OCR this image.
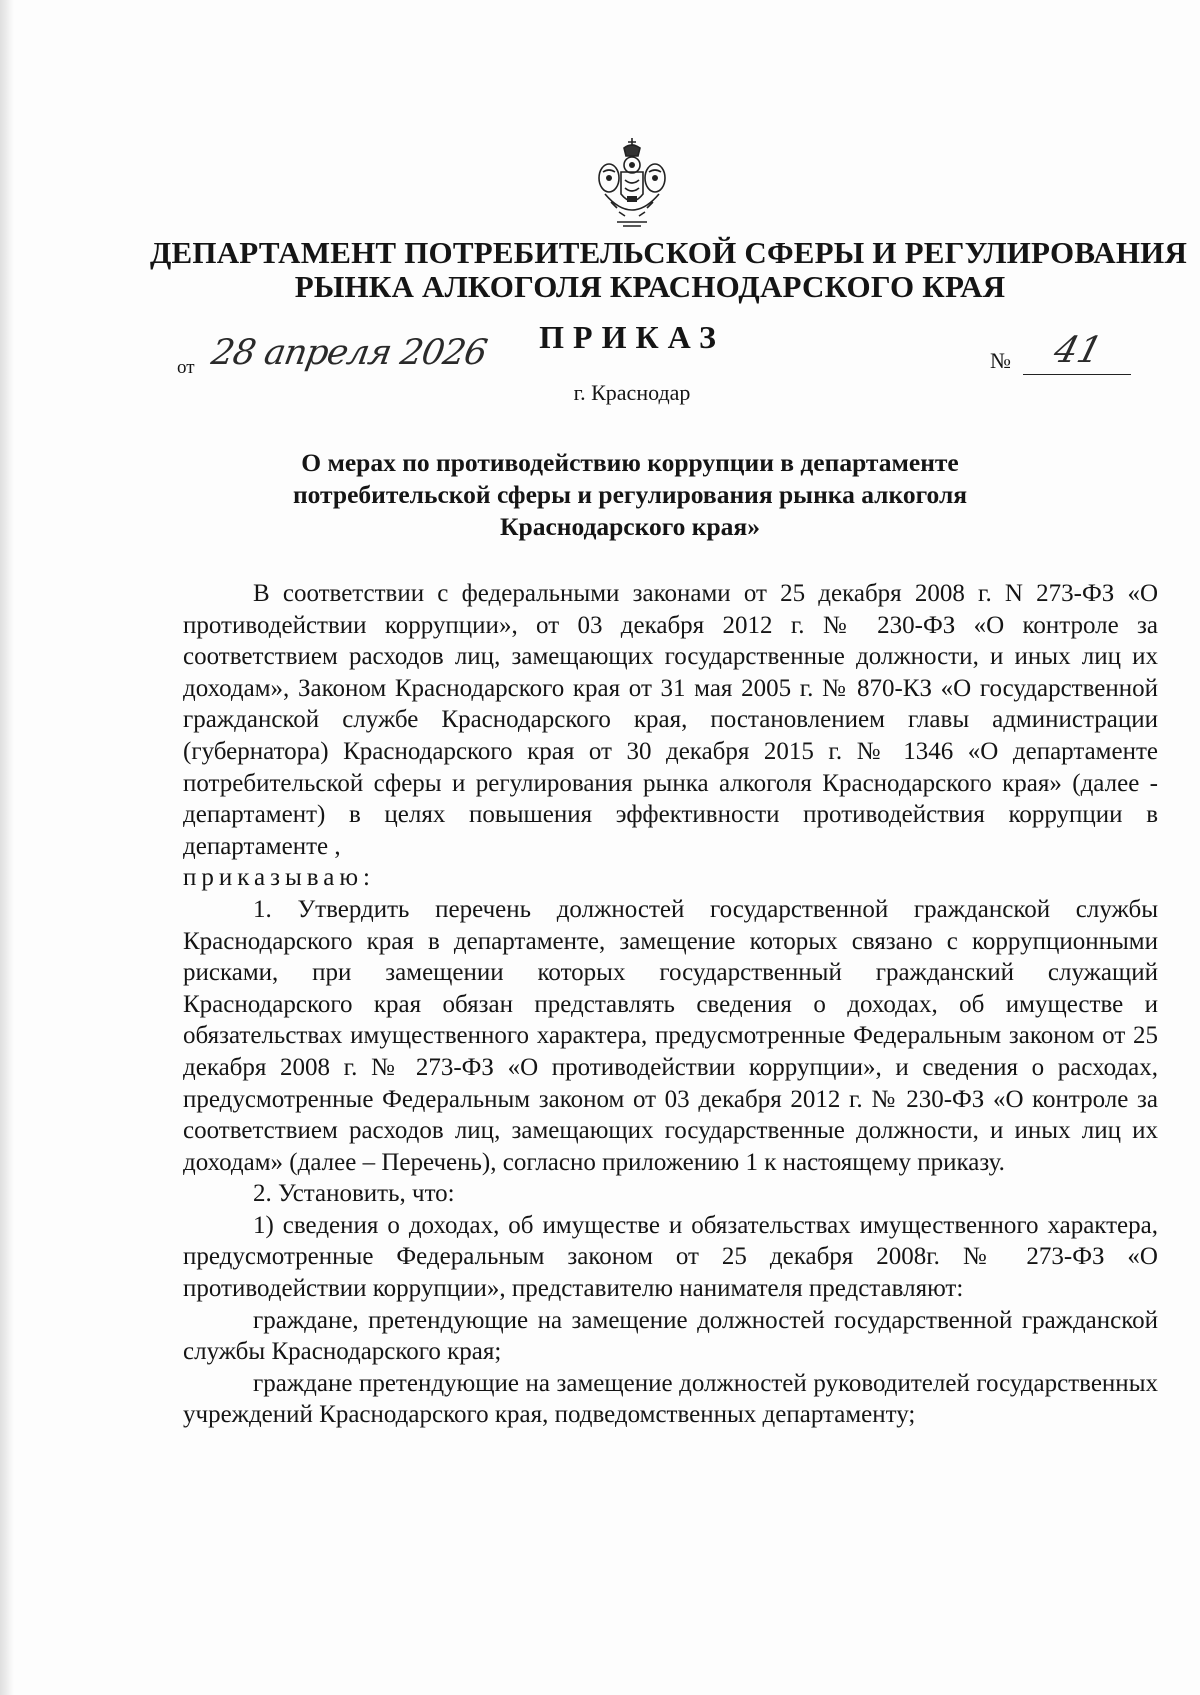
ДЕПАРТАМЕНТ ПОТРЕБИТЕЛЬСКОЙ СФЕРЫ И РЕГУЛИРОВАНИЯ
РЫНКА АЛКОГОЛЯ КРАСНОДАРСКОГО КРАЯ
ПРИКАЗ
от 28 апреля 2026	№ 41
г. Краснодар
О мерах по противодействию коррупции в департаменте
потребительской сферы и регулирования рынка алкоголя
Краснодарского края»

В соответствии с федеральными законами от 25 декабря 2008 г. N 273-ФЗ «О противодействии коррупции», от 03 декабря 2012 г. № 230-ФЗ «О контроле за соответствием расходов лиц, замещающих государственные должности, и иных лиц их доходам», Законом Краснодарского края от 31 мая 2005 г. № 870-КЗ «О государственной гражданской службе Краснодарского края, постановлением главы администрации (губернатора) Краснодарского края от 30 декабря 2015 г. № 1346 «О департаменте потребительской сферы и регулирования рынка алкоголя Краснодарского края» (далее - департамент) в целях повышения эффективности противодействия коррупции в департаменте ,

приказываю:

1. Утвердить перечень должностей государственной гражданской службы Краснодарского края в департаменте, замещение которых связано с коррупционными рисками, при замещении которых государственный гражданский служащий Краснодарского края обязан представлять сведения о доходах, об имуществе и обязательствах имущественного характера, предусмотренные Федеральным законом от 25 декабря 2008 г. № 273-ФЗ «О противодействии коррупции», и сведения о расходах, предусмотренные Федеральным законом от 03 декабря 2012 г. № 230-ФЗ «О контроле за соответствием расходов лиц, замещающих государственные должности, и иных лиц их доходам» (далее – Перечень), согласно приложению 1 к настоящему приказу.

2. Установить, что:

1) сведения о доходах, об имуществе и обязательствах имущественного характера, предусмотренные Федеральным законом от 25 декабря 2008г. № 273-ФЗ «О противодействии коррупции», представителю нанимателя представляют:

граждане, претендующие на замещение должностей государственной гражданской службы Краснодарского края;

граждане претендующие на замещение должностей руководителей государственных учреждений Краснодарского края, подведомственных департаменту;
